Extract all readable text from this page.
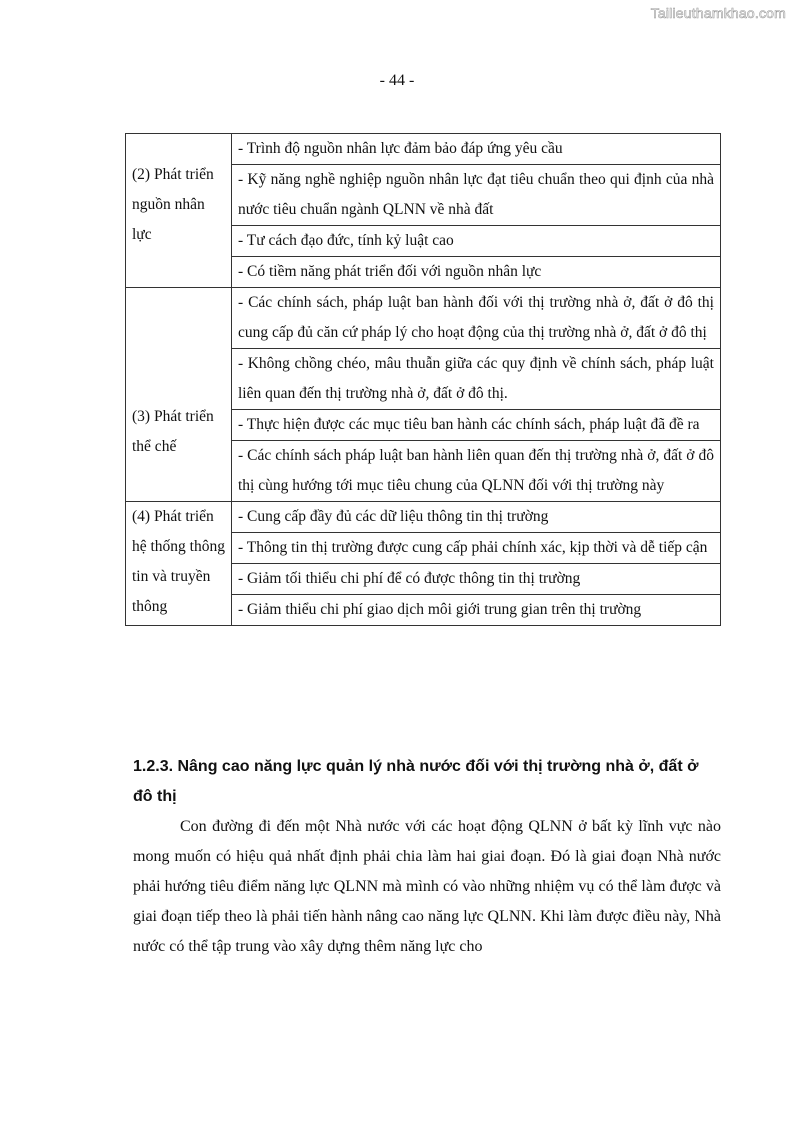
Tailieuthamkhao.com
- 44 -
(2) Phát triển nguồn nhân lực	- Trình độ nguồn nhân lực đảm bảo đáp ứng yêu cầu
	- Kỹ năng nghề nghiệp nguồn nhân lực đạt tiêu chuẩn theo qui định của nhà nước tiêu chuẩn ngành QLNN về nhà đất
	- Tư cách đạo đức, tính kỷ luật cao
	- Có tiềm năng phát triển đối với nguồn nhân lực

(3) Phát triển thể chế	- Các chính sách, pháp luật ban hành đối với thị trường nhà ở, đất ở đô thị cung cấp đủ căn cứ pháp lý cho hoạt động của thị trường nhà ở, đất ở đô thị
	- Không chồng chéo, mâu thuẫn giữa các quy định về chính sách, pháp luật liên quan đến thị trường nhà ở, đất ở đô thị.
	- Thực hiện được các mục tiêu ban hành các chính sách, pháp luật đã đề ra
	- Các chính sách pháp luật ban hành liên quan đến thị trường nhà ở, đất ở đô thị cùng hướng tới mục tiêu chung của QLNN đối với thị trường này

(4) Phát triển hệ thống thông tin và truyền thông	- Cung cấp đầy đủ các dữ liệu thông tin thị trường
	- Thông tin thị trường được cung cấp phải chính xác, kịp thời và dễ tiếp cận
	- Giảm tối thiểu chi phí để có được thông tin thị trường
	- Giảm thiểu chi phí giao dịch môi giới trung gian trên thị trường
1.2.3. Nâng cao năng lực quản lý nhà nước đối với thị trường nhà ở, đất ở đô thị

Con đường đi đến một Nhà nước với các hoạt động QLNN ở bất kỳ lĩnh vực nào mong muốn có hiệu quả nhất định phải chia làm hai giai đoạn. Đó là giai đoạn Nhà nước phải hướng tiêu điểm năng lực QLNN mà mình có vào những nhiệm vụ có thể làm được và giai đoạn tiếp theo là phải tiến hành nâng cao năng lực QLNN. Khi làm được điều này, Nhà nước có thể tập trung vào xây dựng thêm năng lực cho
